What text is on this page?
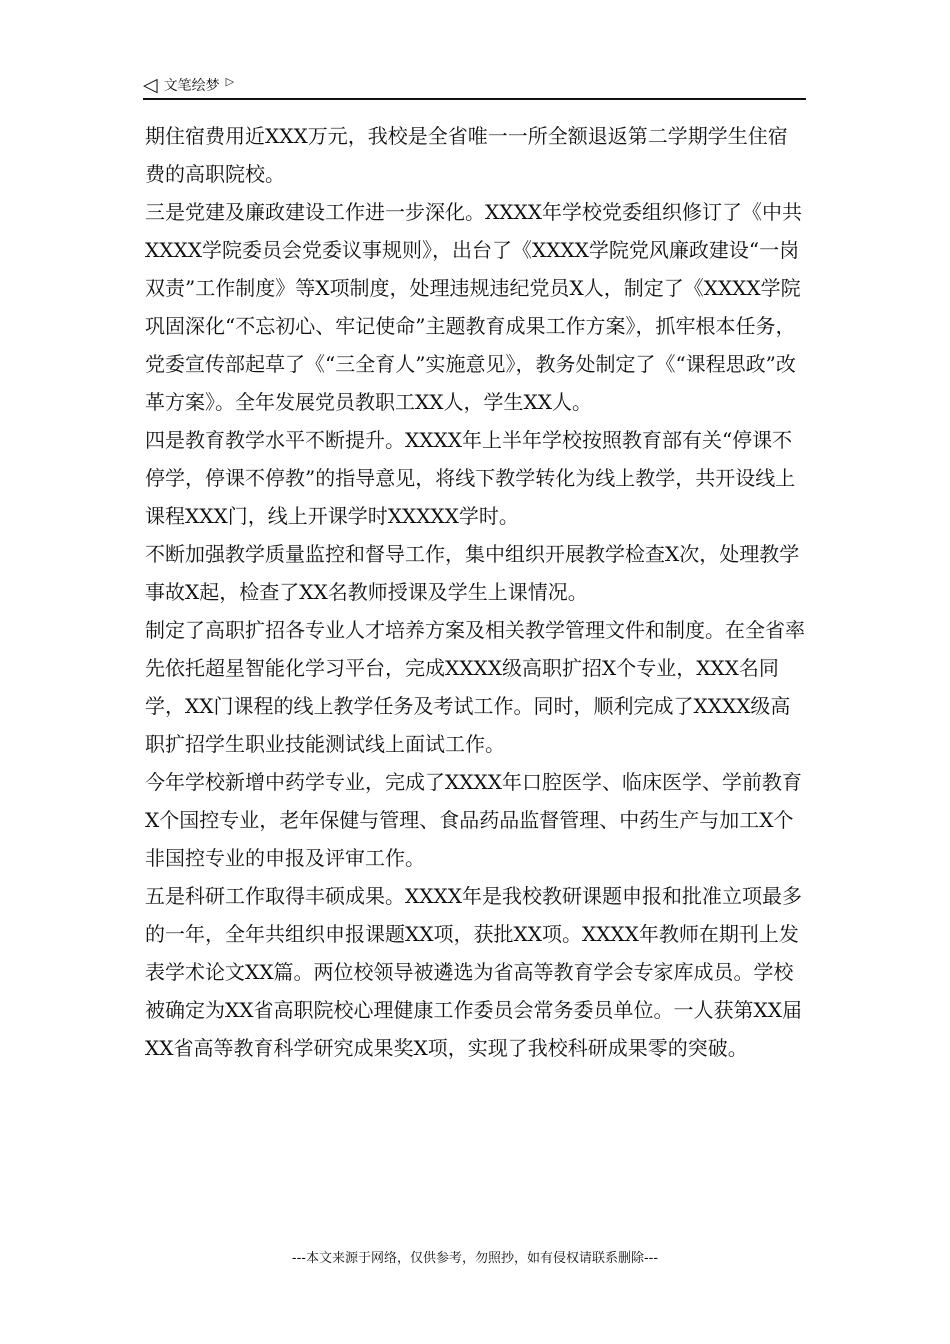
◁ 文笔绘梦 ▷

期住宿费用近XXX万元，我校是全省唯一一所全额退返第二学期学生住宿费的高职院校。

三是党建及廉政建设工作进一步深化。XXXX年学校党委组织修订了《中共XXXX学院委员会党委议事规则》，出台了《XXXX学院党风廉政建设“一岗双责”工作制度》等X项制度，处理违规违纪党员X人，制定了《XXXX学院巩固深化“不忘初心、牢记使命”主题教育成果工作方案》，抓牢根本任务，党委宣传部起草了《“三全育人”实施意见》，教务处制定了《“课程思政”改革方案》。全年发展党员教职工XX人，学生XX人。

四是教育教学水平不断提升。XXXX年上半年学校按照教育部有关“停课不停学，停课不停教”的指导意见，将线下教学转化为线上教学，共开设线上课程XXX门，线上开课学时XXXXX学时。

不断加强教学质量监控和督导工作，集中组织开展教学检查X次，处理教学事故X起，检查了XX名教师授课及学生上课情况。

制定了高职扩招各专业人才培养方案及相关教学管理文件和制度。在全省率先依托超星智能化学习平台，完成XXXX级高职扩招X个专业，XXX名同学，XX门课程的线上教学任务及考试工作。同时，顺利完成了XXXX级高职扩招学生职业技能测试线上面试工作。

今年学校新增中药学专业，完成了XXXX年口腔医学、临床医学、学前教育X个国控专业，老年保健与管理、食品药品监督管理、中药生产与加工X个非国控专业的申报及评审工作。

五是科研工作取得丰硕成果。XXXX年是我校教研课题申报和批准立项最多的一年，全年共组织申报课题XX项，获批XX项。XXXX年教师在期刊上发表学术论文XX篇。两位校领导被遴选为省高等教育学会专家库成员。学校被确定为XX省高职院校心理健康工作委员会常务委员单位。一人获第XX届XX省高等教育科学研究成果奖X项，实现了我校科研成果零的突破。

---本文来源于网络，仅供参考，勿照抄，如有侵权请联系删除---
